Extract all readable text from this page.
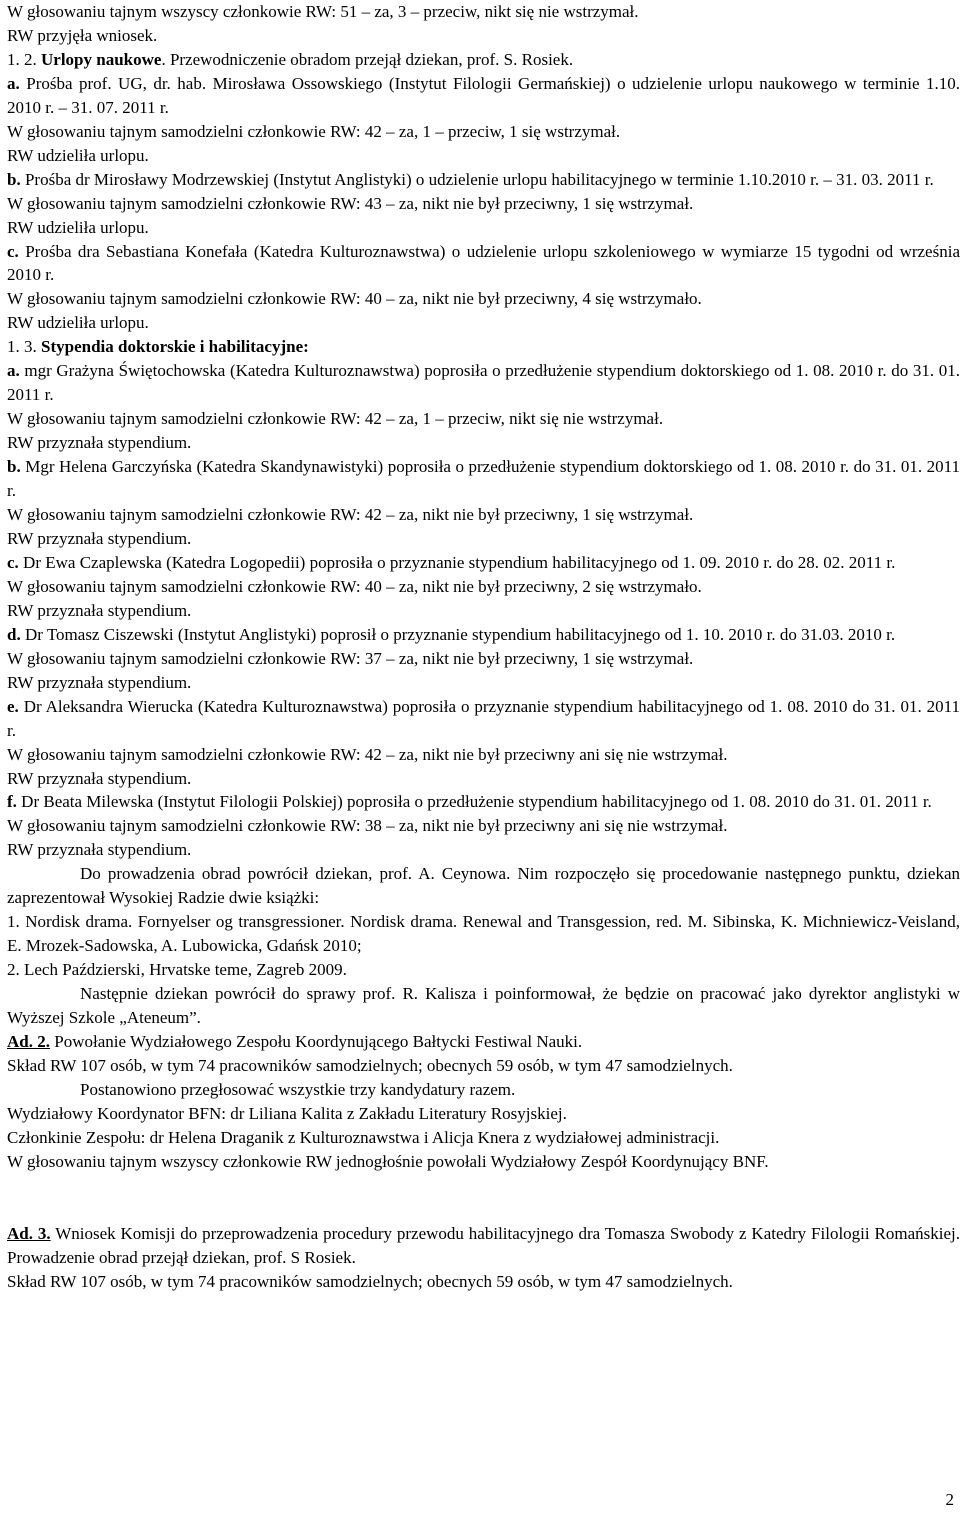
W głosowaniu tajnym wszyscy członkowie RW: 51 – za, 3 – przeciw, nikt się nie wstrzymał.

RW przyjęła wniosek.

1. 2. Urlopy naukowe. Przewodniczenie obradom przejął dziekan, prof. S. Rosiek.

a. Prośba prof. UG, dr. hab. Mirosława Ossowskiego (Instytut Filologii Germańskiej) o udzielenie urlopu naukowego w terminie 1.10. 2010 r. – 31. 07. 2011 r.

W głosowaniu tajnym samodzielni członkowie RW: 42 – za, 1 – przeciw, 1 się wstrzymał.

RW udzieliła urlopu.

b. Prośba dr Mirosławy Modrzewskiej (Instytut Anglistyki) o udzielenie urlopu habilitacyjnego w terminie 1.10.2010 r. – 31. 03. 2011 r.

W głosowaniu tajnym samodzielni członkowie RW: 43 – za, nikt nie był przeciwny, 1 się wstrzymał.

RW udzieliła urlopu.

c. Prośba dra Sebastiana Konefała (Katedra Kulturoznawstwa) o udzielenie urlopu szkoleniowego w wymiarze 15 tygodni od września 2010 r.

W głosowaniu tajnym samodzielni członkowie RW: 40 – za, nikt nie był przeciwny, 4 się wstrzymało.

RW udzieliła urlopu.

1. 3. Stypendia doktorskie i habilitacyjne:

a. mgr Grażyna Świętochowska (Katedra Kulturoznawstwa) poprosiła o przedłużenie stypendium doktorskiego od 1. 08. 2010 r. do 31. 01. 2011 r.

W głosowaniu tajnym samodzielni członkowie RW: 42 – za, 1 – przeciw, nikt się nie wstrzymał.

RW przyznała stypendium.

b. Mgr Helena Garczyńska (Katedra Skandynawistyki) poprosiła o przedłużenie stypendium doktorskiego od 1. 08. 2010 r. do 31. 01. 2011 r.

W głosowaniu tajnym samodzielni członkowie RW: 42 – za, nikt nie był przeciwny, 1 się wstrzymał.

RW przyznała stypendium.

c. Dr Ewa Czaplewska (Katedra Logopedii) poprosiła o przyznanie stypendium habilitacyjnego od 1. 09. 2010 r. do 28. 02. 2011 r.

W głosowaniu tajnym samodzielni członkowie RW: 40 – za, nikt nie był przeciwny, 2 się wstrzymało.

RW przyznała stypendium.

d. Dr Tomasz Ciszewski (Instytut Anglistyki) poprosił o przyznanie stypendium habilitacyjnego od 1. 10. 2010 r. do 31.03. 2010 r.

W głosowaniu tajnym samodzielni członkowie RW: 37 – za, nikt nie był przeciwny, 1 się wstrzymał.

RW przyznała stypendium.

e. Dr Aleksandra Wierucka (Katedra Kulturoznawstwa) poprosiła o przyznanie stypendium habilitacyjnego od 1. 08. 2010 do 31. 01. 2011 r.

W głosowaniu tajnym samodzielni członkowie RW: 42 – za, nikt nie był przeciwny ani się nie wstrzymał.

RW przyznała stypendium.

f. Dr Beata Milewska (Instytut Filologii Polskiej) poprosiła o przedłużenie stypendium habilitacyjnego od 1. 08. 2010 do 31. 01. 2011 r.

W głosowaniu tajnym samodzielni członkowie RW: 38 – za, nikt nie był przeciwny ani się nie wstrzymał.

RW przyznała stypendium.

Do prowadzenia obrad powrócił dziekan, prof. A. Ceynowa. Nim rozpoczęło się procedowanie następnego punktu, dziekan zaprezentował Wysokiej Radzie dwie książki:

1. Nordisk drama. Fornyelser og transgressioner. Nordisk drama. Renewal and Transgession, red. M. Sibinska, K. Michniewicz-Veisland, E. Mrozek-Sadowska, A. Lubowicka, Gdańsk 2010;

2. Lech Paździerski, Hrvatske teme, Zagreb 2009.

Następnie dziekan powrócił do sprawy prof. R. Kalisza i poinformował, że będzie on pracować jako dyrektor anglistyki w Wyższej Szkole „Ateneum”.

Ad. 2. Powołanie Wydziałowego Zespołu Koordynującego Bałtycki Festiwal Nauki.

Skład RW 107 osób, w tym 74 pracowników samodzielnych; obecnych 59 osób, w tym 47 samodzielnych.

Postanowiono przegłosować wszystkie trzy kandydatury razem.

Wydziałowy Koordynator BFN: dr Liliana Kalita z Zakładu Literatury Rosyjskiej.

Członkinie Zespołu: dr Helena Draganik z Kulturoznawstwa i Alicja Knera z wydziałowej administracji.

W głosowaniu tajnym wszyscy członkowie RW jednogłośnie powołali Wydziałowy Zespół Koordynujący BNF.

Ad. 3. Wniosek Komisji do przeprowadzenia procedury przewodu habilitacyjnego dra Tomasza Swobody z Katedry Filologii Romańskiej. Prowadzenie obrad przejął dziekan, prof. S Rosiek.

Skład RW 107 osób, w tym 74 pracowników samodzielnych; obecnych 59 osób, w tym 47 samodzielnych.

2
